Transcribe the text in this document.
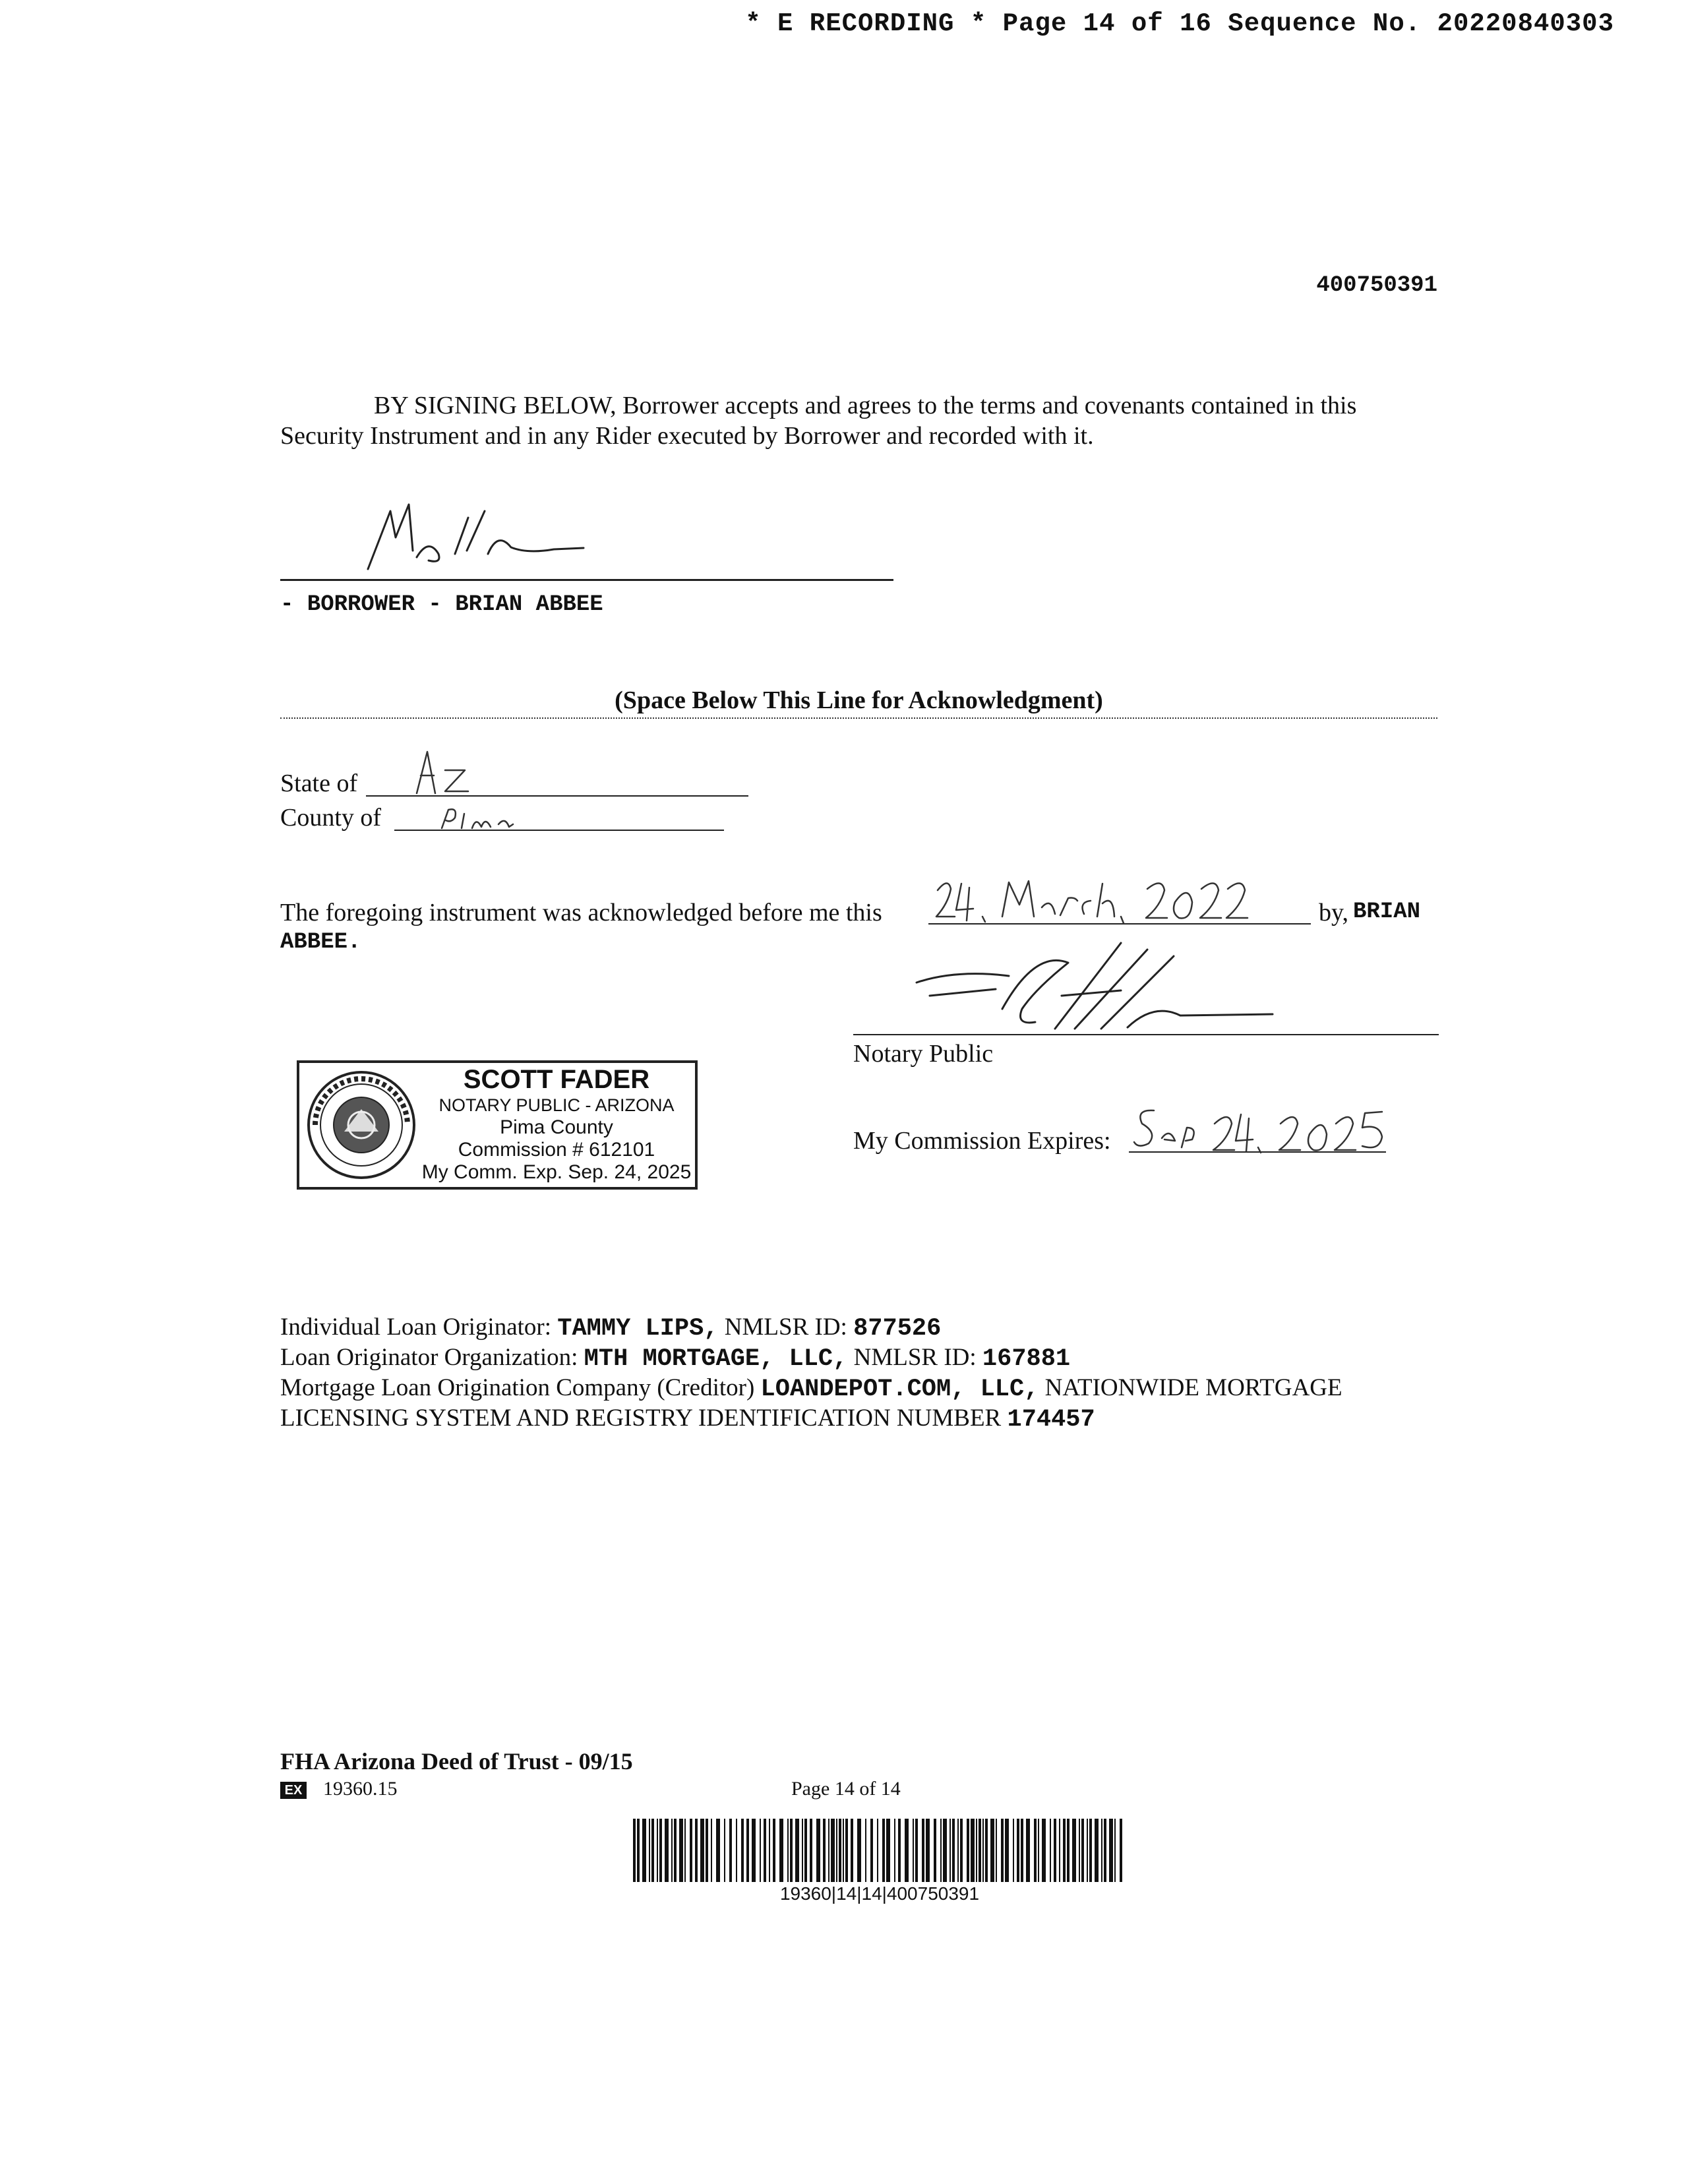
* E RECORDING * Page 14 of 16 Sequence No. 20220840303
400750391
BY SIGNING BELOW, Borrower accepts and agrees to the terms and covenants contained in this Security Instrument and in any Rider executed by Borrower and recorded with it.
- BORROWER - BRIAN ABBEE
(Space Below This Line for Acknowledgment)
State of
County of
The foregoing instrument was acknowledged before me this	by, BRIAN
ABBEE.
Notary Public
SCOTT FADER
NOTARY PUBLIC - ARIZONA
Pima County
Commission # 612101
My Comm. Exp. Sep. 24, 2025
My Commission Expires:
Individual Loan Originator: TAMMY LIPS, NMLSR ID: 877526
Loan Originator Organization: MTH MORTGAGE, LLC, NMLSR ID: 167881
Mortgage Loan Origination Company (Creditor) LOANDEPOT.COM, LLC, NATIONWIDE MORTGAGE
LICENSING SYSTEM AND REGISTRY IDENTIFICATION NUMBER 174457
FHA Arizona Deed of Trust - 09/15
EX 19360.15	Page 14 of 14
19360|14|14|400750391
